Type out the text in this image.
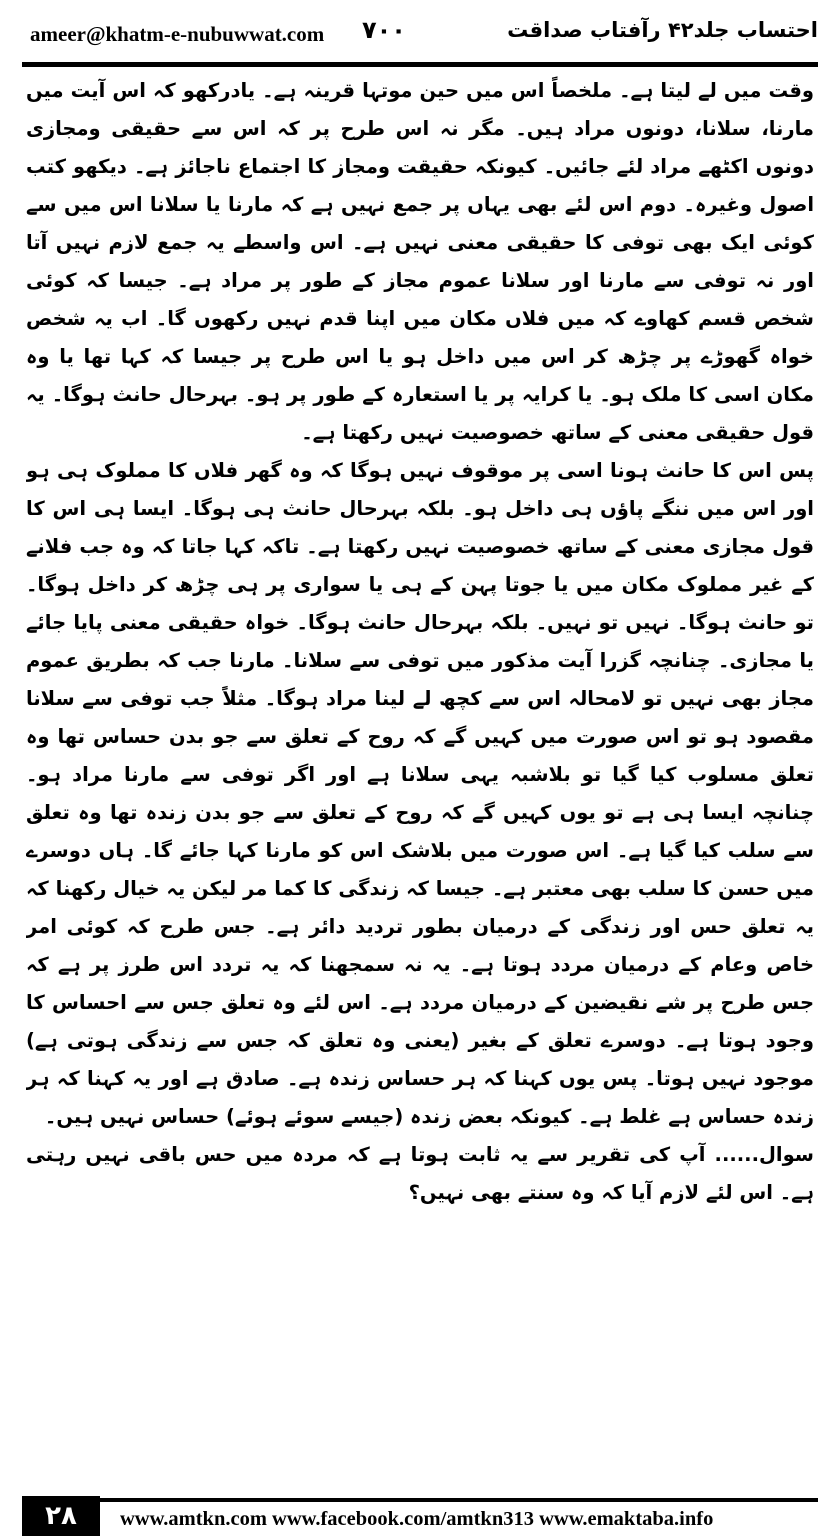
ameer@khatm-e-nubuwwat.com ۷۰۰	احتساب جلد۴۲ رآفتاب صداقت

وقت میں لے لیتا ہے۔ ملخصاً اس میں حین موتہا قرینہ ہے۔ یادرکھو کہ اس آیت میں مارنا، سلانا، دونوں مراد ہیں۔ مگر نہ اس طرح پر کہ اس سے حقیقی ومجازی دونوں اکٹھے مراد لئے جائیں۔ کیونکہ حقیقت ومجاز کا اجتماع ناجائز ہے۔ دیکھو کتب اصول وغیرہ۔ دوم اس لئے بھی یہاں پر جمع نہیں ہے کہ مارنا یا سلانا اس میں سے کوئی ایک بھی توفی کا حقیقی معنی نہیں ہے۔ اس واسطے یہ جمع لازم نہیں آتا اور نہ توفی سے مارنا اور سلانا عموم مجاز کے طور پر مراد ہے۔ جیسا کہ کوئی شخص قسم کھاوے کہ میں فلاں مکان میں اپنا قدم نہیں رکھوں گا۔ اب یہ شخص خواہ گھوڑے پر چڑھ کر اس میں داخل ہو یا اس طرح پر جیسا کہ کہا تھا یا وہ مکان اسی کا ملک ہو۔ یا کرایہ پر یا استعارہ کے طور پر ہو۔ بہرحال حانث ہوگا۔ یہ قول حقیقی معنی کے ساتھ خصوصیت نہیں رکھتا ہے۔

پس اس کا حانث ہونا اسی پر موقوف نہیں ہوگا کہ وہ گھر فلاں کا مملوک ہی ہو اور اس میں ننگے پاؤں ہی داخل ہو۔ بلکہ بہرحال حانث ہی ہوگا۔ ایسا ہی اس کا قول مجازی معنی کے ساتھ خصوصیت نہیں رکھتا ہے۔ تاکہ کہا جاتا کہ وہ جب فلانے کے غیر مملوک مکان میں یا جوتا پہن کے ہی یا سواری پر ہی چڑھ کر داخل ہوگا۔ تو حانث ہوگا۔ نہیں تو نہیں۔ بلکہ بہرحال حانث ہوگا۔ خواہ حقیقی معنی پایا جائے یا مجازی۔ چنانچہ گزرا آیت مذکور میں توفی سے سلانا۔ مارنا جب کہ بطریق عموم مجاز بھی نہیں تو لامحالہ اس سے کچھ لے لینا مراد ہوگا۔ مثلاً جب توفی سے سلانا مقصود ہو تو اس صورت میں کہیں گے کہ روح کے تعلق سے جو بدن حساس تھا وہ تعلق مسلوب کیا گیا تو بلاشبہ یہی سلانا ہے اور اگر توفی سے مارنا مراد ہو۔ چنانچہ ایسا ہی ہے تو یوں کہیں گے کہ روح کے تعلق سے جو بدن زندہ تھا وہ تعلق سے سلب کیا گیا ہے۔ اس صورت میں بلاشک اس کو مارنا کہا جائے گا۔ ہاں دوسرے میں حسن کا سلب بھی معتبر ہے۔ جیسا کہ زندگی کا کما مر لیکن یہ خیال رکھنا کہ یہ تعلق حس اور زندگی کے درمیان بطور تردید دائر ہے۔ جس طرح کہ کوئی امر خاص وعام کے درمیان مردد ہوتا ہے۔ یہ نہ سمجھنا کہ یہ تردد اس طرز پر ہے کہ جس طرح پر شے نقیضین کے درمیان مردد ہے۔ اس لئے وہ تعلق جس سے احساس کا وجود ہوتا ہے۔ دوسرے تعلق کے بغیر (یعنی وہ تعلق کہ جس سے زندگی ہوتی ہے) موجود نہیں ہوتا۔ پس یوں کہنا کہ ہر حساس زندہ ہے۔ صادق ہے اور یہ کہنا کہ ہر زندہ حساس ہے غلط ہے۔ کیونکہ بعض زندہ (جیسے سوئے ہوئے) حساس نہیں ہیں۔

سوال...... آپ کی تقریر سے یہ ثابت ہوتا ہے کہ مردہ میں حس باقی نہیں رہتی ہے۔ اس لئے لازم آیا کہ وہ سنتے بھی نہیں؟

۲۸	www.amtkn.com www.facebook.com/amtkn313 www.emaktaba.info
